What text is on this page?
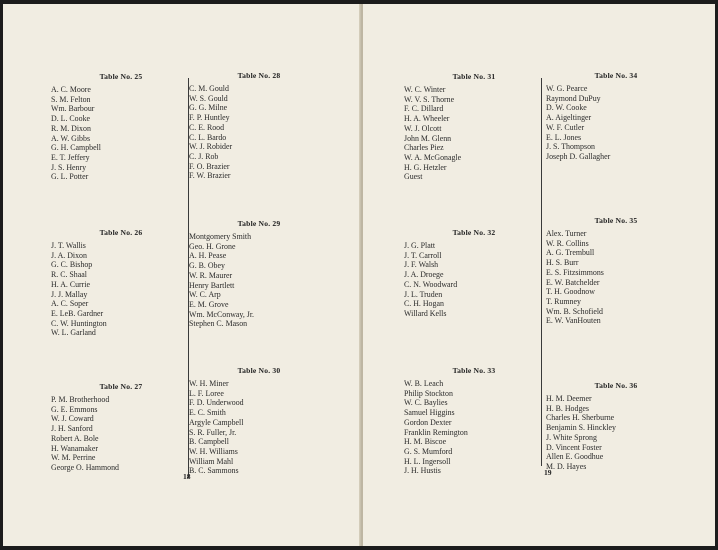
Table No. 25
A. C. Moore
S. M. Felton
Wm. Barbour
D. L. Cooke
R. M. Dixon
A. W. Gibbs
G. H. Campbell
E. T. Jeffery
J. S. Henry
G. L. Potter
Table No. 28
C. M. Gould
W. S. Gould
G. G. Milne
F. P. Huntley
C. E. Rood
C. L. Bardo
W. J. Robider
C. J. Rob
F. O. Brazier
F. W. Brazier
Table No. 26
J. T. Wallis
J. A. Dixon
G. C. Bishop
R. C. Shaal
H. A. Currie
J. J. Mallay
A. C. Soper
E. LeB. Gardner
C. W. Huntington
W. L. Garland
Table No. 29
Montgomery Smith
Geo. H. Grone
A. H. Pease
G. B. Obey
W. R. Maurer
Henry Bartlett
W. C. Arp
E. M. Grove
Wm. McConway, Jr.
Stephen C. Mason
Table No. 27
P. M. Brotherhood
G. E. Emmons
W. J. Coward
J. H. Sanford
Robert A. Bole
H. Wanamaker
W. M. Perrine
George O. Hammond
Table No. 30
W. H. Miner
L. F. Loree
F. D. Underwood
E. C. Smith
Argyle Campbell
S. R. Fuller, Jr.
B. Campbell
W. H. Williams
William Mahl
B. C. Sammons
18
Table No. 31
W. C. Winter
W. V. S. Thorne
F. C. Dillard
H. A. Wheeler
W. J. Olcott
John M. Glenn
Charles Piez
W. A. McGonagle
H. G. Hetzler
Guest
Table No. 34
W. G. Pearce
Raymond DuPuy
D. W. Cooke
A. Aigeltinger
W. F. Cutler
E. L. Jones
J. S. Thompson
Joseph D. Gallagher
Table No. 32
J. G. Platt
J. T. Carroll
J. F. Walsh
J. A. Droege
C. N. Woodward
J. L. Truden
C. H. Hogan
Willard Kells
Table No. 35
Alex. Turner
W. R. Collins
A. G. Trembull
H. S. Burr
E. S. Fitzsimmons
E. W. Batchelder
T. H. Goodnow
T. Rumney
Wm. B. Schofield
E. W. VanHouten
Table No. 33
W. B. Leach
Philip Stockton
W. C. Baylies
Samuel Higgins
Gordon Dexter
Franklin Remington
H. M. Biscoe
G. S. Mumford
H. L. Ingersoll
J. H. Hustis
Table No. 36
H. M. Deemer
H. B. Hodges
Charles H. Sherburne
Benjamin S. Hinckley
J. White Sprong
D. Vincent Foster
Allen E. Goodhue
M. D. Hayes
19
